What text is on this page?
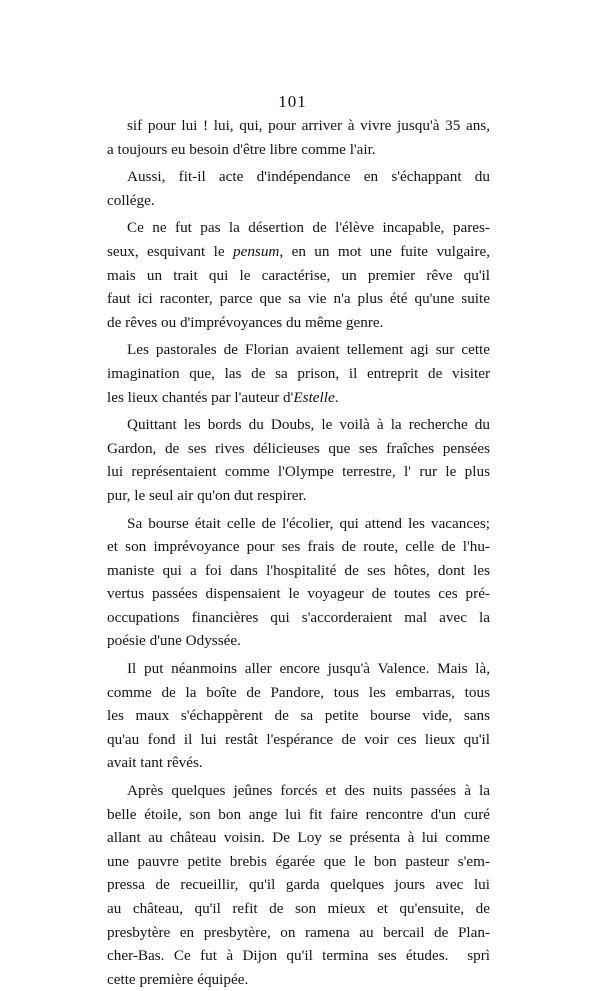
101
sif pour lui ! lui, qui, pour arriver à vivre jusqu'à 35 ans,
a toujours eu besoin d'être libre comme l'air.
Aussi, fit-il acte d'indépendance en s'échappant du
collége.
Ce ne fut pas la désertion de l'élève incapable, pares-
seux, esquivant le pensum, en un mot une fuite vulgaire,
mais un trait qui le caractérise, un premier rêve qu'il
faut ici raconter, parce que sa vie n'a plus été qu'une suite
de rêves ou d'imprévoyances du même genre.
Les pastorales de Florian avaient tellement agi sur cette
imagination que, las de sa prison, il entreprit de visiter
les lieux chantés par l'auteur d'Estelle.
Quittant les bords du Doubs, le voilà à la recherche du
Gardon, de ses rives délicieuses que ses fraîches pensées
lui représentaient comme l'Olympe terrestre, l' rur le plus
pur, le seul air qu'on dut respirer.
Sa bourse était celle de l'écolier, qui attend les vacances;
et son imprévoyance pour ses frais de route, celle de l'hu-
maniste qui a foi dans l'hospitalité de ses hôtes, dont les
vertus passées dispensaient le voyageur de toutes ces pré-
occupations financières qui s'accorderaient mal avec la
poésie d'une Odyssée.
Il put néanmoins aller encore jusqu'à Valence. Mais là,
comme de la boîte de Pandore, tous les embarras, tous
les maux s'échappèrent de sa petite bourse vide, sans
qu'au fond il lui restât l'espérance de voir ces lieux qu'il
avait tant rêvés.
Après quelques jeûnes forcés et des nuits passées à la
belle étoile, son bon ange lui fit faire rencontre d'un curé
allant au château voisin. De Loy se présenta à lui comme
une pauvre petite brebis égarée que le bon pasteur s'em-
pressa de recueillir, qu'il garda quelques jours avec lui
au château, qu'il refit de son mieux et qu'ensuite, de
presbytère en presbytère, on ramena au bercail de Plan-
cher-Bas. Ce fut à Dijon qu'il termina ses études.  sprì
cette première équipée.
